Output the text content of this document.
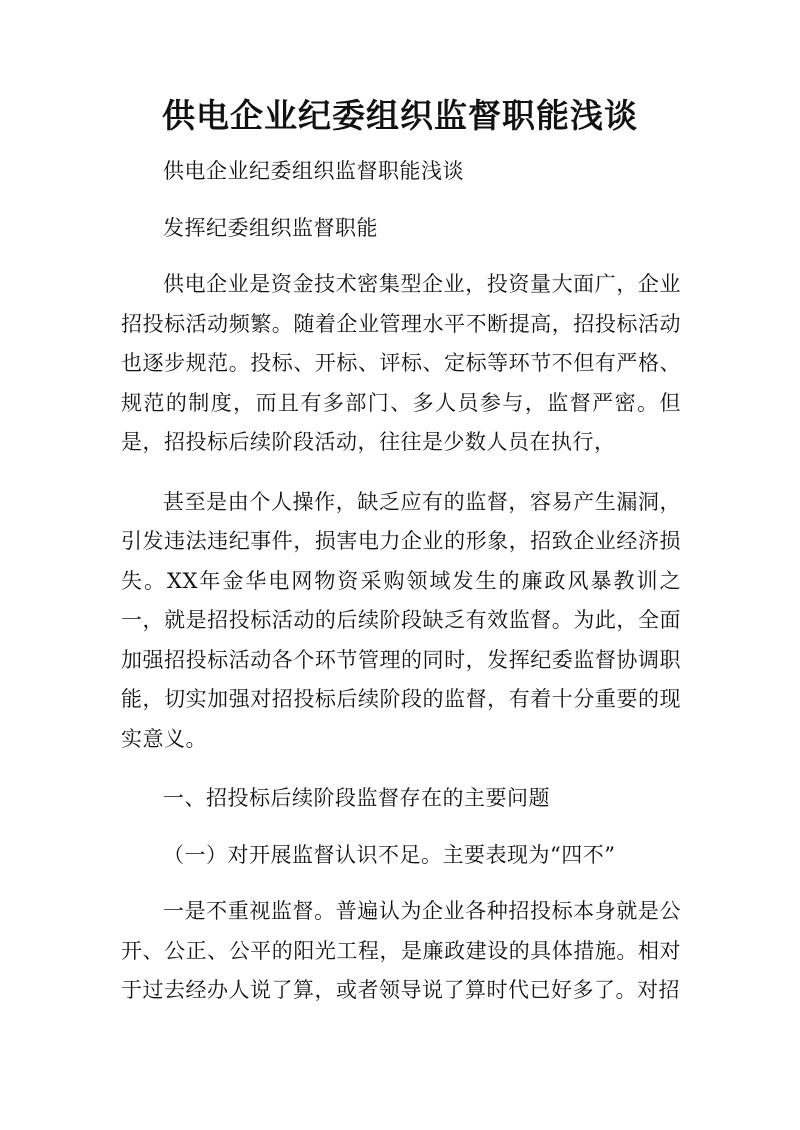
供电企业纪委组织监督职能浅谈

供电企业纪委组织监督职能浅谈

发挥纪委组织监督职能

供电企业是资金技术密集型企业，投资量大面广，企业招投标活动频繁。随着企业管理水平不断提高，招投标活动也逐步规范。投标、开标、评标、定标等环节不但有严格、规范的制度，而且有多部门、多人员参与，监督严密。但是，招投标后续阶段活动，往往是少数人员在执行，

甚至是由个人操作，缺乏应有的监督，容易产生漏洞，引发违法违纪事件，损害电力企业的形象，招致企业经济损失。XX年金华电网物资采购领域发生的廉政风暴教训之一，就是招投标活动的后续阶段缺乏有效监督。为此，全面加强招投标活动各个环节管理的同时，发挥纪委监督协调职能，切实加强对招投标后续阶段的监督，有着十分重要的现实意义。

一、招投标后续阶段监督存在的主要问题

（一）对开展监督认识不足。主要表现为“四不”

一是不重视监督。普遍认为企业各种招投标本身就是公开、公正、公平的阳光工程，是廉政建设的具体措施。相对于过去经办人说了算，或者领导说了算时代已好多了。对招
